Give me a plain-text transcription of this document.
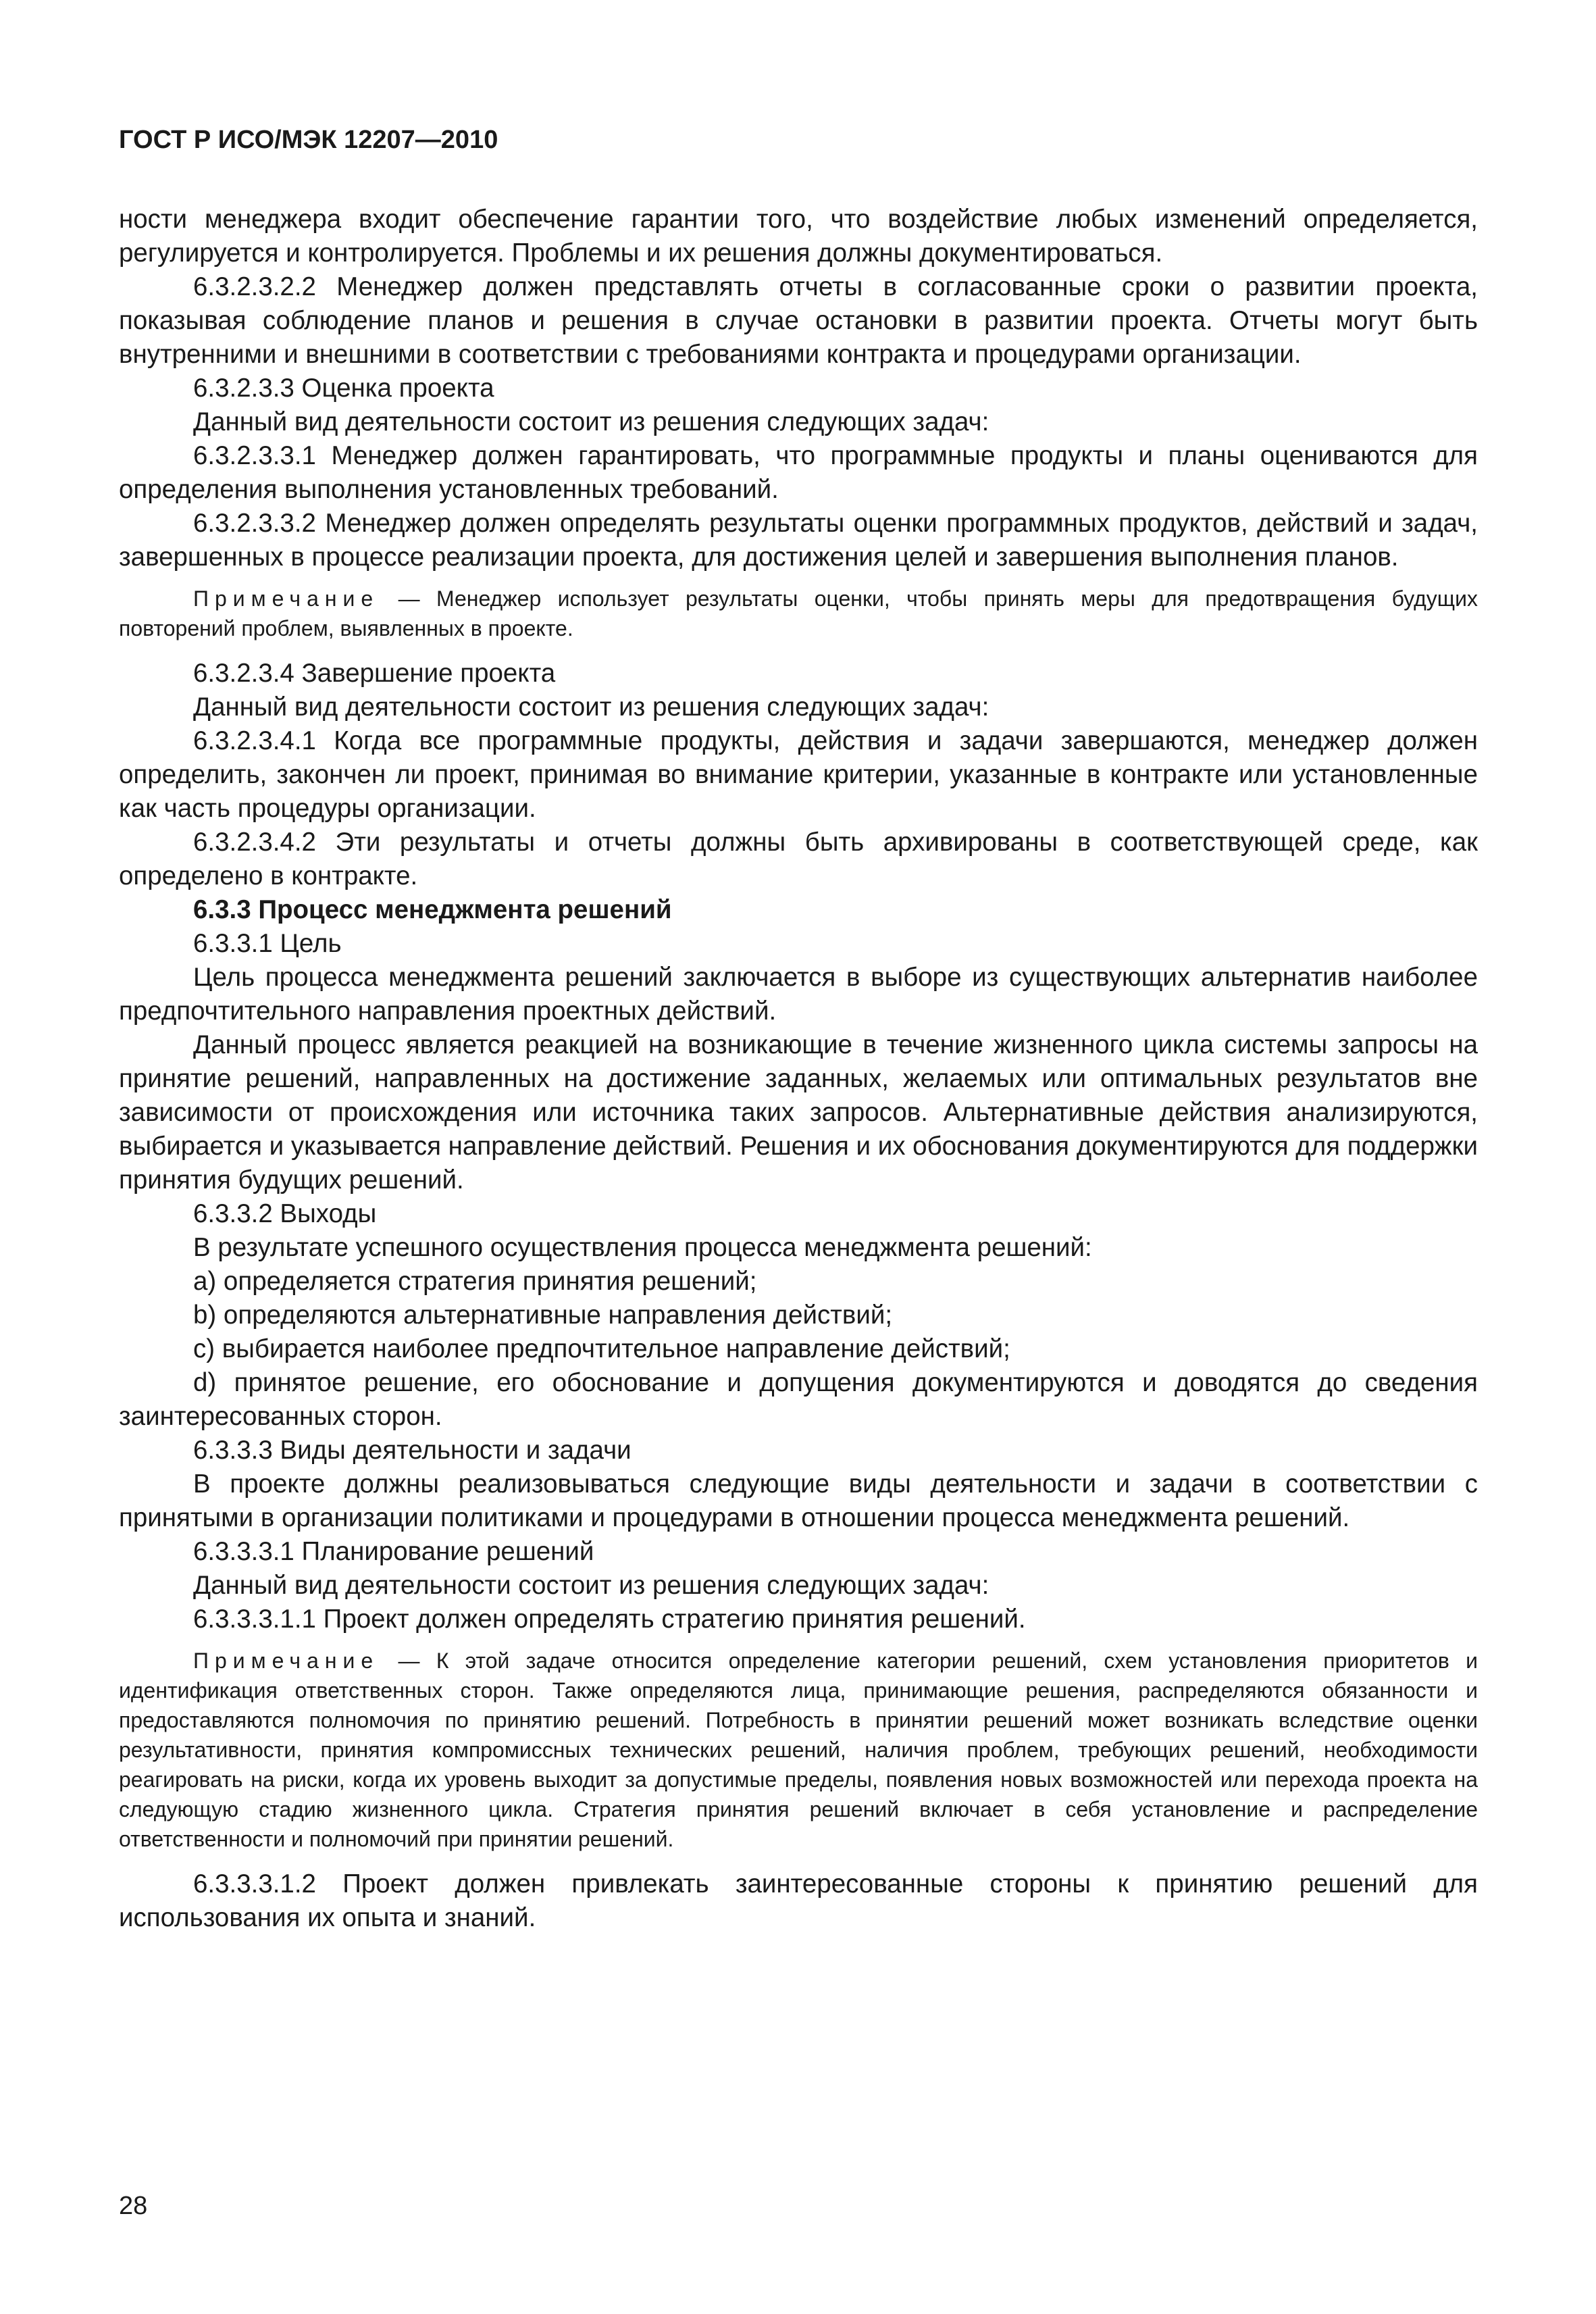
ГОСТ Р ИСО/МЭК 12207—2010

ности менеджера входит обеспечение гарантии того, что воздействие любых изменений определяется, регулируется и контролируется. Проблемы и их решения должны документироваться.

6.3.2.3.2.2 Менеджер должен представлять отчеты в согласованные сроки о развитии проекта, показывая соблюдение планов и решения в случае остановки в развитии проекта. Отчеты могут быть внутренними и внешними в соответствии с требованиями контракта и процедурами организации.

6.3.2.3.3 Оценка проекта

Данный вид деятельности состоит из решения следующих задач:

6.3.2.3.3.1 Менеджер должен гарантировать, что программные продукты и планы оцениваются для определения выполнения установленных требований.

6.3.2.3.3.2 Менеджер должен определять результаты оценки программных продуктов, действий и задач, завершенных в процессе реализации проекта, для достижения целей и завершения выполнения планов.

Примечание — Менеджер использует результаты оценки, чтобы принять меры для предотвращения будущих повторений проблем, выявленных в проекте.

6.3.2.3.4 Завершение проекта

Данный вид деятельности состоит из решения следующих задач:

6.3.2.3.4.1 Когда все программные продукты, действия и задачи завершаются, менеджер должен определить, закончен ли проект, принимая во внимание критерии, указанные в контракте или установленные как часть процедуры организации.

6.3.2.3.4.2 Эти результаты и отчеты должны быть архивированы в соответствующей среде, как определено в контракте.

6.3.3 Процесс менеджмента решений

6.3.3.1 Цель

Цель процесса менеджмента решений заключается в выборе из существующих альтернатив наиболее предпочтительного направления проектных действий.

Данный процесс является реакцией на возникающие в течение жизненного цикла системы запросы на принятие решений, направленных на достижение заданных, желаемых или оптимальных результатов вне зависимости от происхождения или источника таких запросов. Альтернативные действия анализируются, выбирается и указывается направление действий. Решения и их обоснования документируются для поддержки принятия будущих решений.

6.3.3.2 Выходы

В результате успешного осуществления процесса менеджмента решений:

a) определяется стратегия принятия решений;

b) определяются альтернативные направления действий;

c) выбирается наиболее предпочтительное направление действий;

d) принятое решение, его обоснование и допущения документируются и доводятся до сведения заинтересованных сторон.

6.3.3.3 Виды деятельности и задачи

В проекте должны реализовываться следующие виды деятельности и задачи в соответствии с принятыми в организации политиками и процедурами в отношении процесса менеджмента решений.

6.3.3.3.1 Планирование решений

Данный вид деятельности состоит из решения следующих задач:

6.3.3.3.1.1 Проект должен определять стратегию принятия решений.

Примечание — К этой задаче относится определение категории решений, схем установления приоритетов и идентификация ответственных сторон. Также определяются лица, принимающие решения, распределяются обязанности и предоставляются полномочия по принятию решений. Потребность в принятии решений может возникать вследствие оценки результативности, принятия компромиссных технических решений, наличия проблем, требующих решений, необходимости реагировать на риски, когда их уровень выходит за допустимые пределы, появления новых возможностей или перехода проекта на следующую стадию жизненного цикла. Стратегия принятия решений включает в себя установление и распределение ответственности и полномочий при принятии решений.

6.3.3.3.1.2 Проект должен привлекать заинтересованные стороны к принятию решений для использования их опыта и знаний.

28
